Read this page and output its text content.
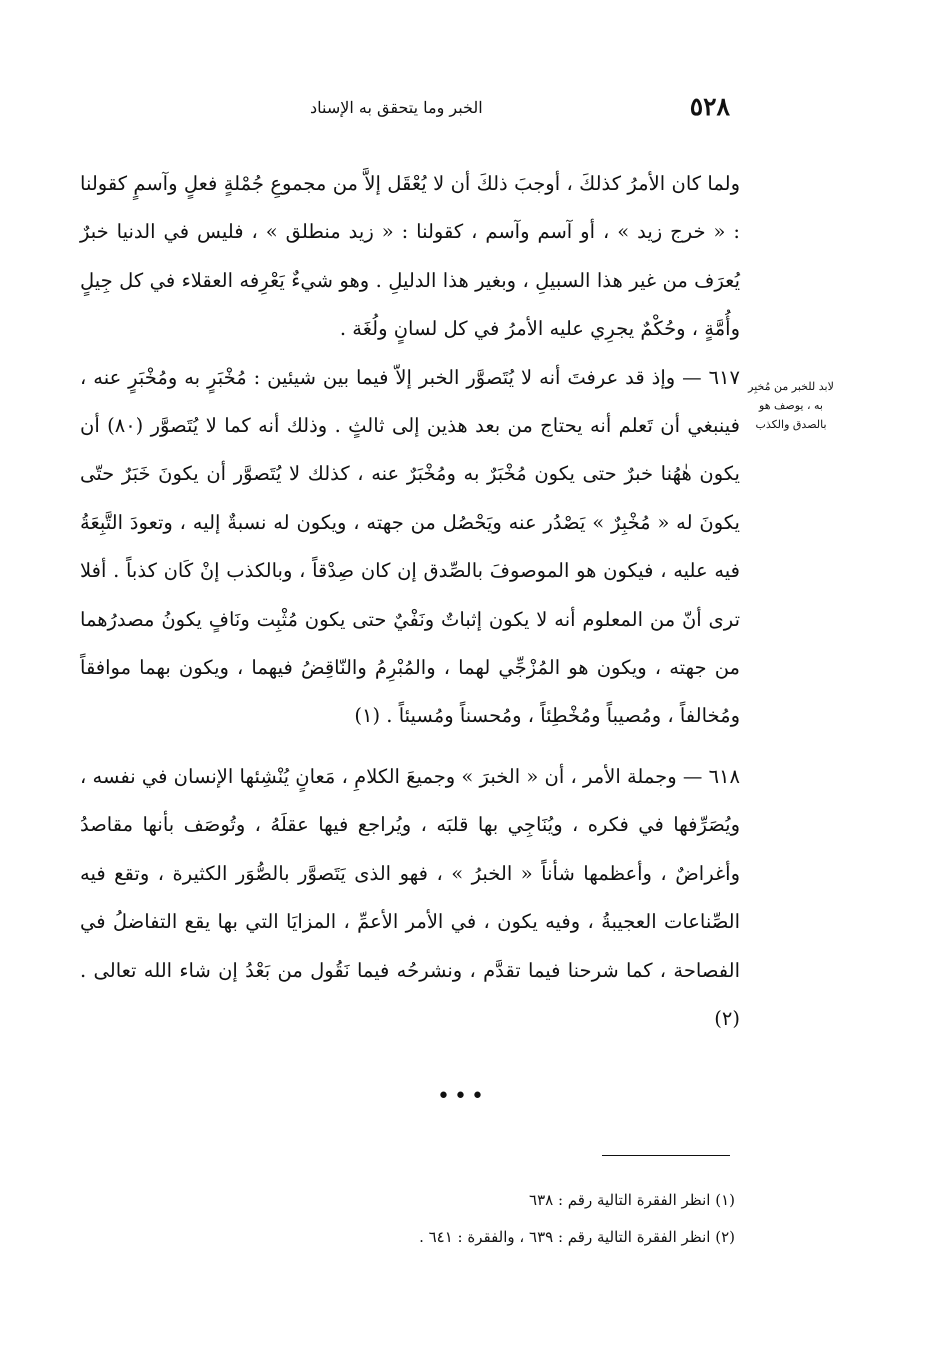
٥٢٨
الخبر وما يتحقق به الإسناد
لابد للخبر من مُخبِر به ، يوصف هو بالصدق والكذب

ولما كان الأمرُ كذلكَ ، أوجبَ ذلكَ أن لا يُعْقَل إلاَّ من مجموعِ جُمْلةٍ فعلٍ وآسمٍ كقولنا : « خرج زيد » ، أو آسم وآسم ، كقولنا : « زيد منطلق » ، فليس في الدنيا خبرٌ يُعرَف من غير هذا السبيلِ ، وبغير هذا الدليلِ . وهو شيءٌ يَعْرِفه العقلاء في كل جِيلٍ وأُمَّةٍ ، وحُكْمٌ يجرِي عليه الأمرُ في كل لسانٍ ولُغَة .

٦١٧ — وإذ قد عرفتَ أنه لا يُتَصوَّر الخبر إلاّ فيما بين شيئين : مُخْبَرٍ به ومُخْبَرٍ عنه ، فينبغي أن تَعلم أنه يحتاج من بعد هذين إلى ثالثٍ . وذلك أنه كما لا يُتَصوَّر (٨٠) أن يكون هٰهُنا خبرٌ حتى يكون مُخْبَرٌ به ومُخْبَرٌ عنه ، كذلك لا يُتَصوَّر أن يكونَ خَبَرٌ حتّى يكونَ له « مُخْبِرٌ » يَصْدُر عنه ويَحْصُل من جهته ، ويكون له نسبةٌ إليه ، وتعودَ التَّبِعَةُ فيه عليه ، فيكون هو الموصوفَ بالصِّدق إن كان صِدْقاً ، وبالكذب إنْ كَان كذباً . أفلا ترى أنّ من المعلوم أنه لا يكون إثباتٌ ونَفْيٌ حتى يكون مُثْبِت ونَافٍ يكونُ مصدرُهما من جهته ، ويكون هو المُزْجِّي لهما ، والمُبْرِمُ والنّاقِضُ فيهما ، ويكون بهما موافقاً ومُخالفاً ، ومُصيباً ومُخْطِئاً ، ومُحسناً ومُسيئاً . (١)

٦١٨ — وجملة الأمر ، أن « الخبرَ » وجميعَ الكلامِ ، مَعانٍ يُنْشِئها الإنسان في نفسه ، ويُصَرِّفها في فكره ، ويُنَاجِي بها قلبَه ، ويُراجع فيها عقلَهُ ، وتُوصَف بأنها مقاصدُ وأغراضٌ ، وأعظمها شأناً « الخبرُ » ، فهو الذى يَتَصوَّر بالصُّوَر الكثيرة ، وتقع فيه الصِّناعات العجيبةُ ، وفيه يكون ، في الأمر الأعمِّ ، المزايَا التي بها يقع التفاضلُ في الفصاحة ، كما شرحنا فيما تقدَّم ، ونشرحُه فيما نَقُول من بَعْدُ إن شاء الله تعالى . (٢)

•••

(١) انظر الفقرة التالية رقم : ٦٣٨

(٢) انظر الفقرة التالية رقم : ٦٣٩ ، والفقرة : ٦٤١ .
